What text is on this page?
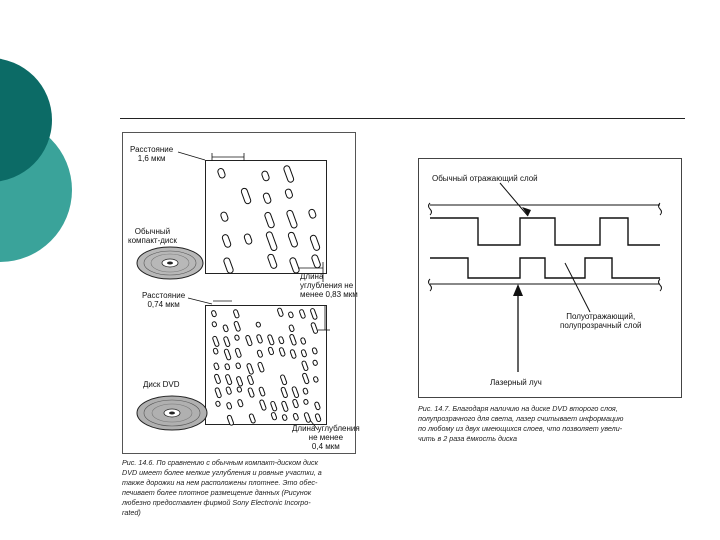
Расстояние
1,6 мкм
Обычный
компакт-диск
Длина
углубления не
менее 0,83 мкм
Расстояние
0,74 мкм
Диск DVD
Длина углубления
не менее
0,4 мкм
Рис. 14.6. По сравнению с обычным компакт-диском диск
DVD имеет более мелкие углубления и ровные участки, а
также дорожки на нем расположены плотнее. Это обес-
печивает более плотное размещение данных (Рисунок
любезно предоставлен фирмой Sony Electronic Incorpo-
rated)
Обычный отражающий слой
Полуотражающий,
полупрозрачный слой
Лазерный луч
Рис. 14.7. Благодаря наличию на диске DVD второго слоя,
полупрозрачного для света, лазер считывает информацию
по любому из двух имеющихся слоев, что позволяет увели-
чить в 2 раза ёмкость диска
